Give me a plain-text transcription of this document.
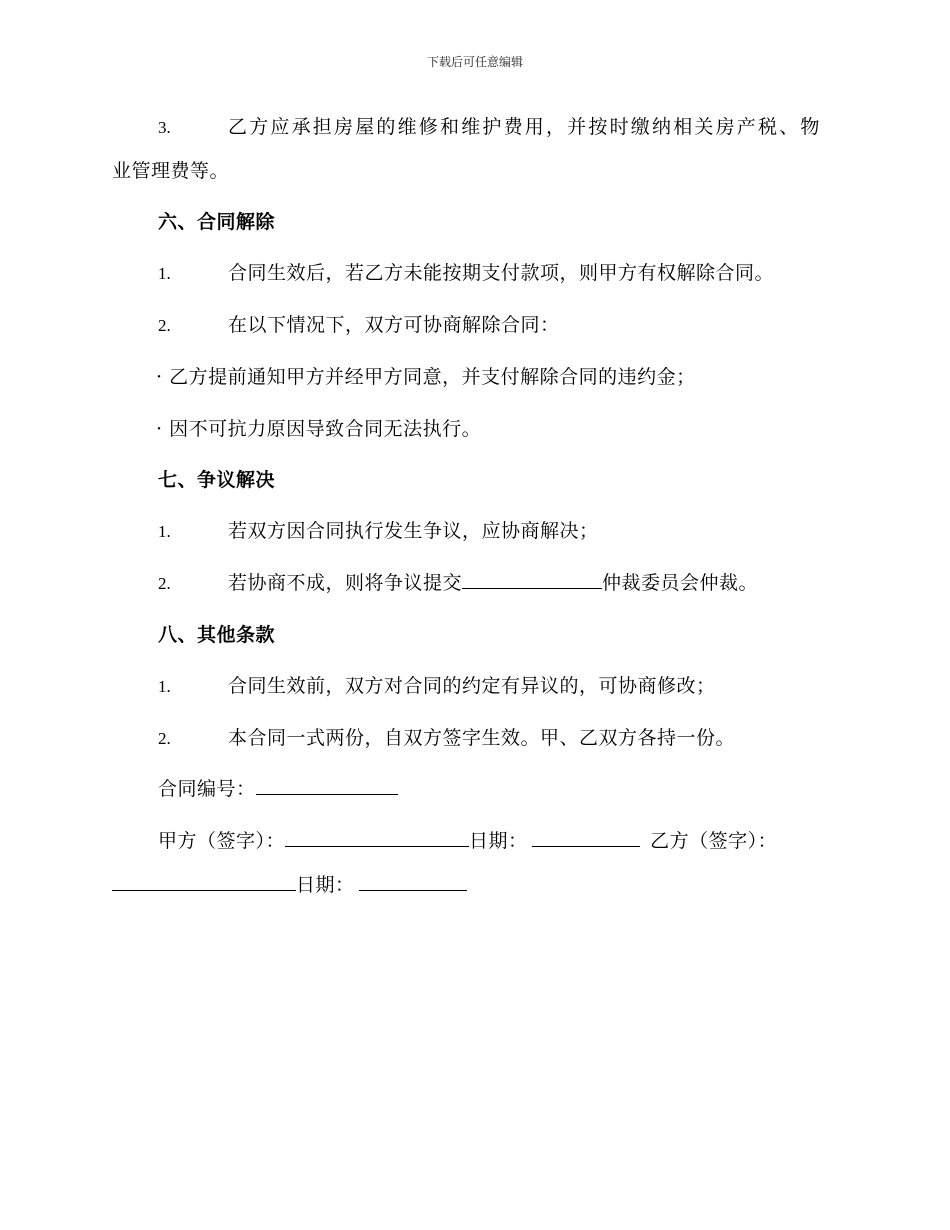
下载后可任意编辑
3.	乙方应承担房屋的维修和维护费用，并按时缴纳相关房产税、物
业管理费等。
六、合同解除
1.	合同生效后，若乙方未能按期支付款项，则甲方有权解除合同。
2.	在以下情况下，双方可协商解除合同：
· 乙方提前通知甲方并经甲方同意，并支付解除合同的违约金；
· 因不可抗力原因导致合同无法执行。
七、争议解决
1.	若双方因合同执行发生争议，应协商解决；
2.	若协商不成，则将争议提交	仲裁委员会仲裁。
八、其他条款
1.	合同生效前，双方对合同的约定有异议的，可协商修改；
2.	本合同一式两份，自双方签字生效。甲、乙双方各持一份。
合同编号：
甲方（签字）：	日期：	乙方（签字）：
日期：
